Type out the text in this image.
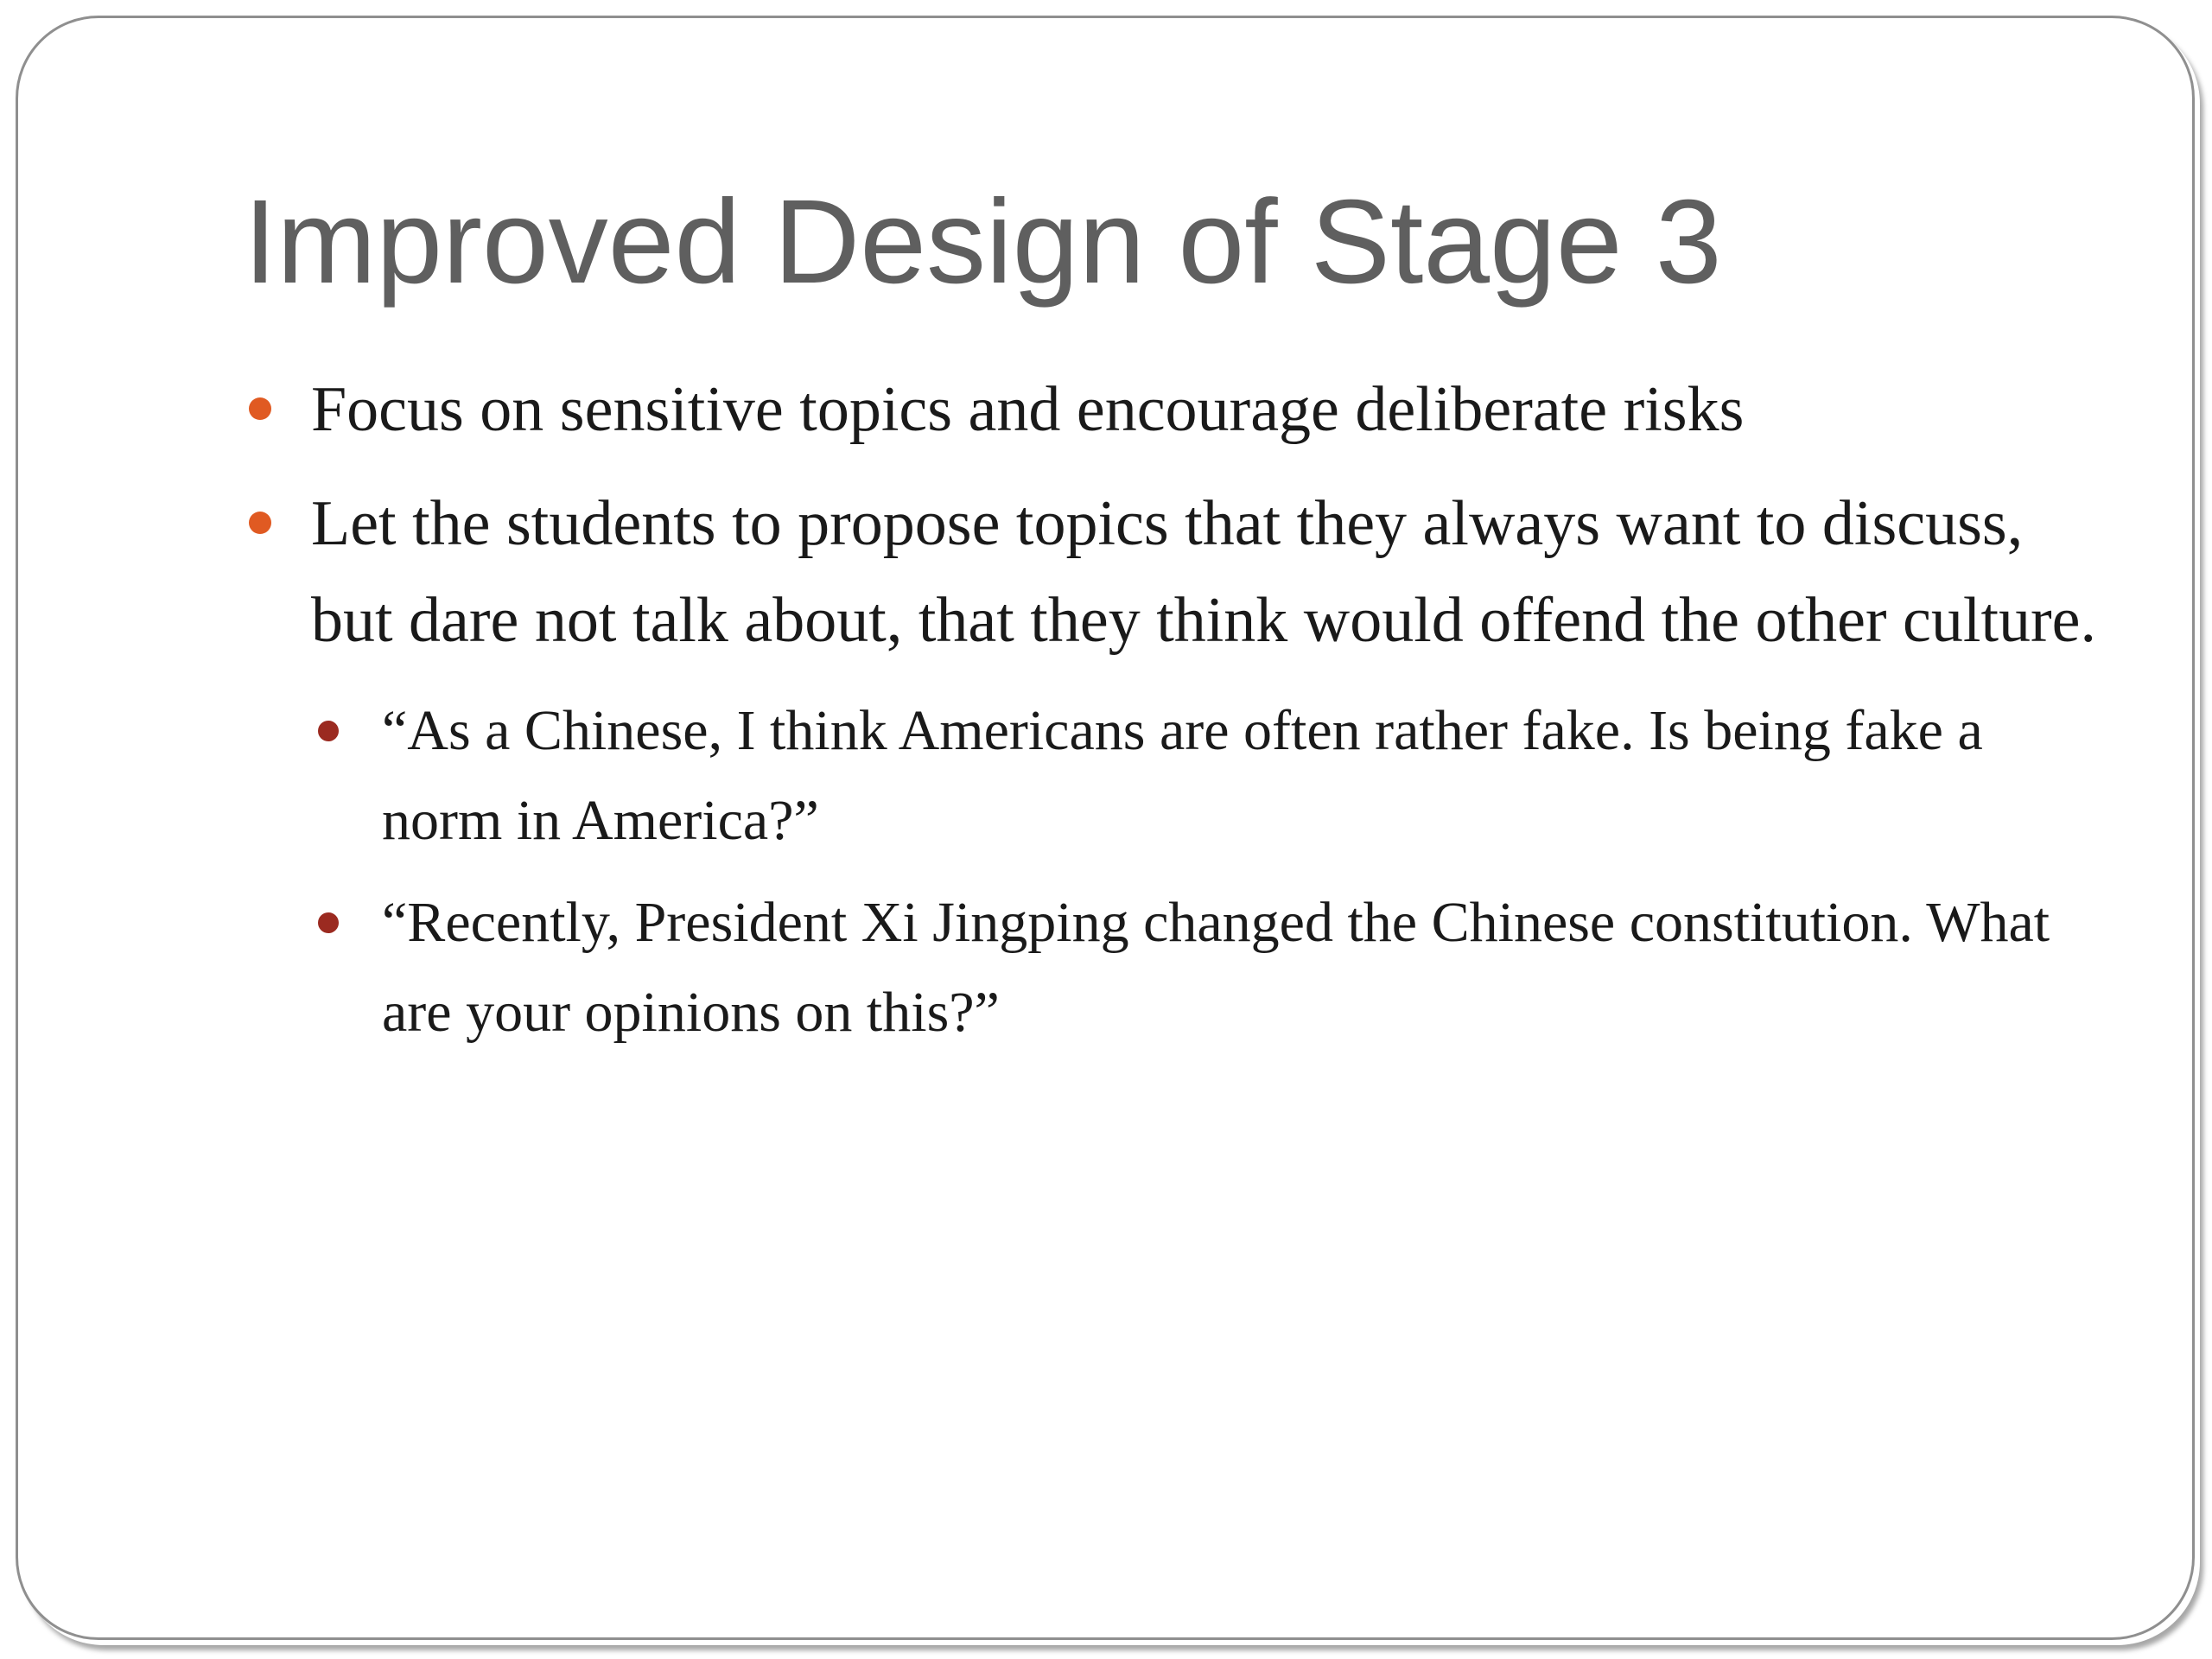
Improved Design of Stage 3
Focus on sensitive topics and encourage deliberate risks
Let the students to propose topics that they always want to discuss, but dare not talk about, that they think would offend the other culture.
“As a Chinese, I think Americans are often rather fake. Is being fake a norm in America?”
“Recently, President Xi Jingping changed the Chinese constitution. What are your opinions on this?”
